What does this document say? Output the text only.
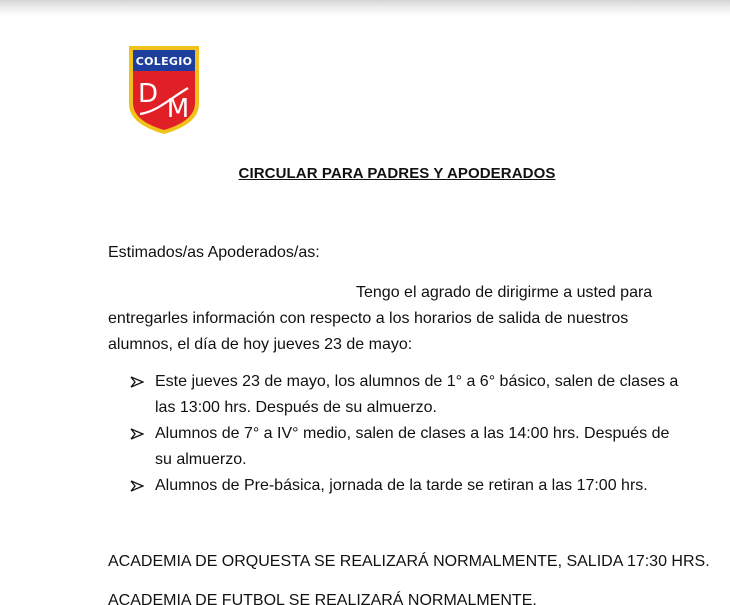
COLEGIO
D M
CIRCULAR PARA PADRES Y APODERADOS
Estimados/as Apoderados/as:
Tengo el agrado de dirigirme a usted para
entregarles información con respecto a los horarios de salida de nuestros
alumnos, el día de hoy jueves 23 de mayo:
Este jueves 23 de mayo, los alumnos de 1° a 6° básico, salen de clases a
las 13:00 hrs. Después de su almuerzo.
Alumnos de 7° a IV° medio, salen de clases a las 14:00 hrs. Después de
su almuerzo.
Alumnos de Pre-básica, jornada de la tarde se retiran a las 17:00 hrs.
ACADEMIA DE ORQUESTA SE REALIZARÁ NORMALMENTE, SALIDA 17:30 HRS.
ACADEMIA DE FUTBOL SE REALIZARÁ NORMALMENTE.
